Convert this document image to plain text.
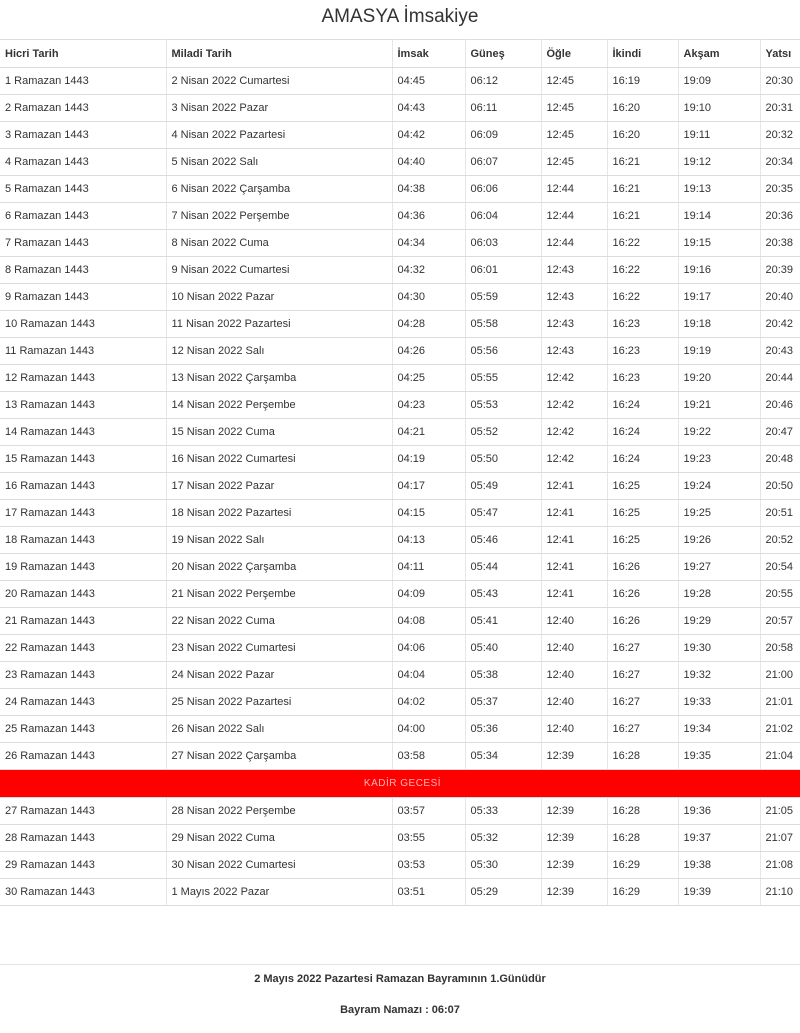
AMASYA İmsakiye
Hicri Tarih	Miladi Tarih	İmsak	Güneş	Öğle	İkindi	Akşam	Yatsı
1 Ramazan 1443	2 Nisan 2022 Cumartesi	04:45	06:12	12:45	16:19	19:09	20:30
2 Ramazan 1443	3 Nisan 2022 Pazar	04:43	06:11	12:45	16:20	19:10	20:31
3 Ramazan 1443	4 Nisan 2022 Pazartesi	04:42	06:09	12:45	16:20	19:11	20:32
4 Ramazan 1443	5 Nisan 2022 Salı	04:40	06:07	12:45	16:21	19:12	20:34
5 Ramazan 1443	6 Nisan 2022 Çarşamba	04:38	06:06	12:44	16:21	19:13	20:35
6 Ramazan 1443	7 Nisan 2022 Perşembe	04:36	06:04	12:44	16:21	19:14	20:36
7 Ramazan 1443	8 Nisan 2022 Cuma	04:34	06:03	12:44	16:22	19:15	20:38
8 Ramazan 1443	9 Nisan 2022 Cumartesi	04:32	06:01	12:43	16:22	19:16	20:39
9 Ramazan 1443	10 Nisan 2022 Pazar	04:30	05:59	12:43	16:22	19:17	20:40
10 Ramazan 1443	11 Nisan 2022 Pazartesi	04:28	05:58	12:43	16:23	19:18	20:42
11 Ramazan 1443	12 Nisan 2022 Salı	04:26	05:56	12:43	16:23	19:19	20:43
12 Ramazan 1443	13 Nisan 2022 Çarşamba	04:25	05:55	12:42	16:23	19:20	20:44
13 Ramazan 1443	14 Nisan 2022 Perşembe	04:23	05:53	12:42	16:24	19:21	20:46
14 Ramazan 1443	15 Nisan 2022 Cuma	04:21	05:52	12:42	16:24	19:22	20:47
15 Ramazan 1443	16 Nisan 2022 Cumartesi	04:19	05:50	12:42	16:24	19:23	20:48
16 Ramazan 1443	17 Nisan 2022 Pazar	04:17	05:49	12:41	16:25	19:24	20:50
17 Ramazan 1443	18 Nisan 2022 Pazartesi	04:15	05:47	12:41	16:25	19:25	20:51
18 Ramazan 1443	19 Nisan 2022 Salı	04:13	05:46	12:41	16:25	19:26	20:52
19 Ramazan 1443	20 Nisan 2022 Çarşamba	04:11	05:44	12:41	16:26	19:27	20:54
20 Ramazan 1443	21 Nisan 2022 Perşembe	04:09	05:43	12:41	16:26	19:28	20:55
21 Ramazan 1443	22 Nisan 2022 Cuma	04:08	05:41	12:40	16:26	19:29	20:57
22 Ramazan 1443	23 Nisan 2022 Cumartesi	04:06	05:40	12:40	16:27	19:30	20:58
23 Ramazan 1443	24 Nisan 2022 Pazar	04:04	05:38	12:40	16:27	19:32	21:00
24 Ramazan 1443	25 Nisan 2022 Pazartesi	04:02	05:37	12:40	16:27	19:33	21:01
25 Ramazan 1443	26 Nisan 2022 Salı	04:00	05:36	12:40	16:27	19:34	21:02
26 Ramazan 1443	27 Nisan 2022 Çarşamba	03:58	05:34	12:39	16:28	19:35	21:04
KADİR GECESİ							
27 Ramazan 1443	28 Nisan 2022 Perşembe	03:57	05:33	12:39	16:28	19:36	21:05
28 Ramazan 1443	29 Nisan 2022 Cuma	03:55	05:32	12:39	16:28	19:37	21:07
29 Ramazan 1443	30 Nisan 2022 Cumartesi	03:53	05:30	12:39	16:29	19:38	21:08
30 Ramazan 1443	1 Mayıs 2022 Pazar	03:51	05:29	12:39	16:29	19:39	21:10
2 Mayıs 2022 Pazartesi Ramazan Bayramının 1.Günüdür
Bayram Namazı : 06:07
